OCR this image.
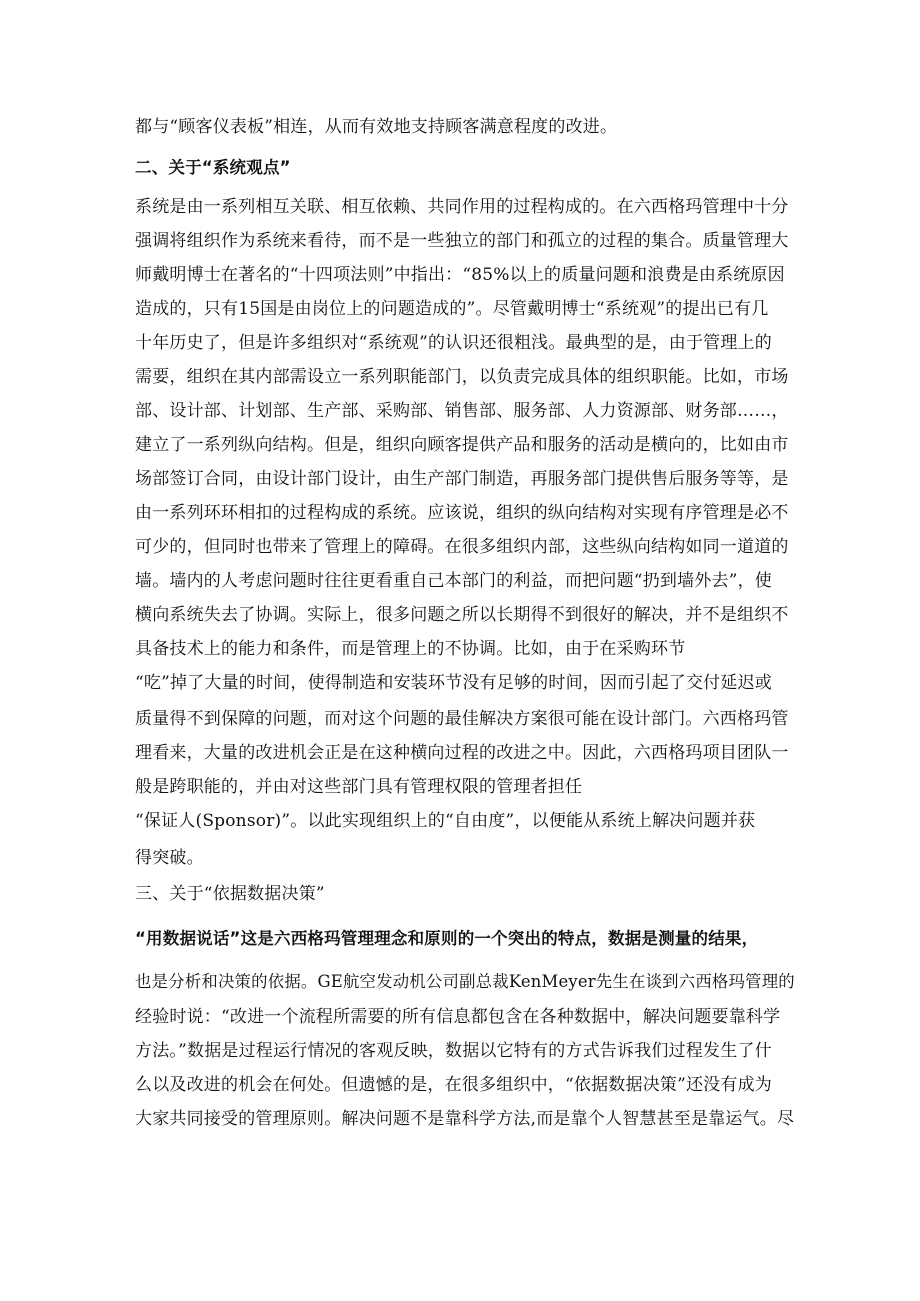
都与“顾客仪表板”相连，从而有效地支持顾客满意程度的改进。
二、关于“系统观点”
系统是由一系列相互关联、相互依赖、共同作用的过程构成的。在六西格玛管理中十分
强调将组织作为系统来看待，而不是一些独立的部门和孤立的过程的集合。质量管理大
师戴明博士在著名的“十四项法则”中指出：“85%以上的质量问题和浪费是由系统原因
造成的，只有15国是由岗位上的问题造成的”。尽管戴明博士“系统观”的提出已有几
十年历史了，但是许多组织对“系统观”的认识还很粗浅。最典型的是，由于管理上的
需要，组织在其内部需设立一系列职能部门，以负责完成具体的组织职能。比如，市场
部、设计部、计划部、生产部、采购部、销售部、服务部、人力资源部、财务部……，
建立了一系列纵向结构。但是，组织向顾客提供产品和服务的活动是横向的，比如由市
场部签订合同，由设计部门设计，由生产部门制造，再服务部门提供售后服务等等，是
由一系列环环相扣的过程构成的系统。应该说，组织的纵向结构对实现有序管理是必不
可少的，但同时也带来了管理上的障碍。在很多组织内部，这些纵向结构如同一道道的
墙。墙内的人考虑问题时往往更看重自己本部门的利益，而把问题“扔到墙外去”，使
横向系统失去了协调。实际上，很多问题之所以长期得不到很好的解决，并不是组织不
具备技术上的能力和条件，而是管理上的不协调。比如，由于在采购环节
“吃”掉了大量的时间，使得制造和安装环节没有足够的时间，因而引起了交付延迟或
质量得不到保障的问题，而对这个问题的最佳解决方案很可能在设计部门。六西格玛管
理看来，大量的改进机会正是在这种横向过程的改进之中。因此，六西格玛项目团队一
般是跨职能的，并由对这些部门具有管理权限的管理者担任
“保证人(Sponsor)”。以此实现组织上的“自由度”，以便能从系统上解决问题并获
得突破。
三、关于“依据数据决策”
“用数据说话”这是六西格玛管理理念和原则的一个突出的特点，数据是测量的结果，
也是分析和决策的依据。GE航空发动机公司副总裁KenMeyer先生在谈到六西格玛管理的
经验时说：“改进一个流程所需要的所有信息都包含在各种数据中，解决问题要靠科学
方法。”数据是过程运行情况的客观反映，数据以它特有的方式告诉我们过程发生了什
么以及改进的机会在何处。但遗憾的是，在很多组织中，“依据数据决策”还没有成为
大家共同接受的管理原则。解决问题不是靠科学方法,而是靠个人智慧甚至是靠运气。尽
